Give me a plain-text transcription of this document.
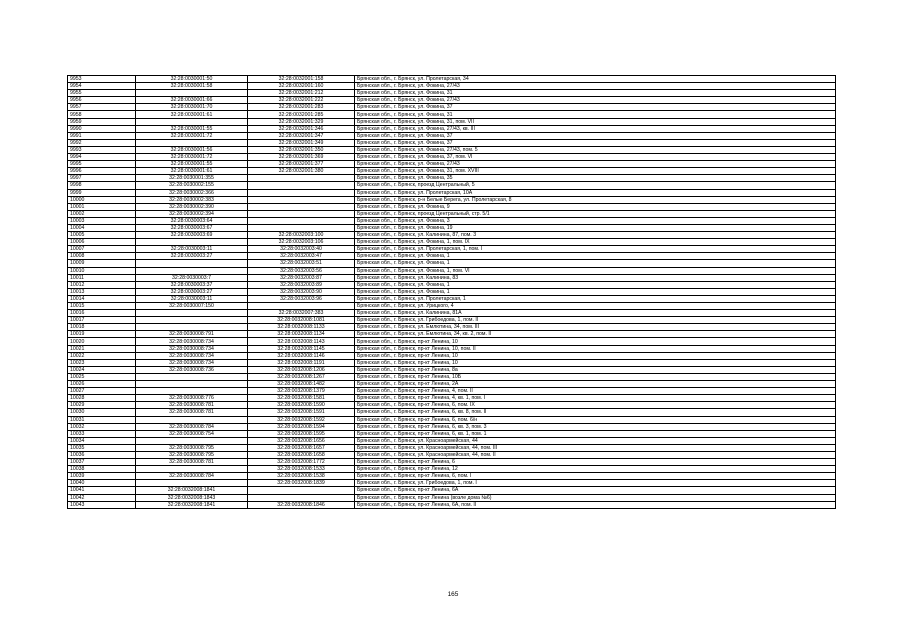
9953	32:28:0030001:50	32:28:0032001:158	Брянская обл., г. Брянск, ул. Пролетарская, 34
9954	32:28:0030001:58	32:28:0032001:160	Брянская обл., г. Брянск, ул. Фокина, 27/43
9955		32:28:0032001:212	Брянская обл., г. Брянск, ул. Фокина, 31
9956	32:28:0030001:66	32:28:0032001:222	Брянская обл., г. Брянск, ул. Фокина, 27/43
9957	32:28:0030001:70	32:28:0032001:283	Брянская обл., г. Брянск, ул. Фокина, 37
9958	32:28:0030001:61	32:28:0032001:285	Брянская обл., г. Брянск, ул. Фокина, 31
9959		32:28:0032001:329	Брянская обл., г. Брянск, ул. Фокина, 31, пом. VII
9990	32:28:0030001:55	32:28:0032001:346	Брянская обл., г. Брянск, ул. Фокина, 27/43, кв. III
9991	32:28:0030001:72	32:28:0032001:347	Брянская обл., г. Брянск, ул. Фокина, 37
9992		32:28:0032001:349	Брянская обл., г. Брянск, ул. Фокина, 37
9993	32:28:0030001:56	32:28:0032001:350	Брянская обл., г. Брянск, ул. Фокина, 27/43, пом. 5
9994	32:28:0030001:72	32:28:0032001:369	Брянская обл., г. Брянск, ул. Фокина, 37, пом. VI
9995	32:28:0030001:55	32:28:0032001:377	Брянская обл., г. Брянск, ул. Фокина, 27/43
9996	32:28:0030001:61	32:28:0032001:380	Брянская обл., г. Брянск, ул. Фокина, 31, пом. XVIII
9997	32:28:0030001:355		Брянская обл., г. Брянск, ул. Фокина, 35
9998	32:28:0030002:155		Брянская обл., г. Брянск, проезд Центральный, 5
9999	32:28:0030002:366		Брянская обл., г. Брянск, ул. Пролетарская, 10А
10000	32:28:0030002:383		Брянская обл., г. Брянск, р-н Белые Берега, ул. Пролетарская, 8
10001	32:28:0030002:390		Брянская обл., г. Брянск, ул. Фокина, 9
10002	32:28:0030002:394		Брянская обл., г. Брянск, проезд Центральный, стр. 5/1
10003	32:28:0030003:64		Брянская обл., г. Брянск, ул. Фокина, 3
10004	32:28:0030003:67		Брянская обл., г. Брянск, ул. Фокина, 19
10005	32:28:0030003:69	32:28:0032003:100	Брянская обл., г. Брянск, ул. Калинина, 87, пом. 3
10006		32:28:0032003:106	Брянская обл., г. Брянск, ул. Фокина, 1, пом. IX
10007	32:28:0030003:11	32:28:0032003:40	Брянская обл., г. Брянск, ул. Пролетарская, 1, пом. I
10008	32:28:0030003:27	32:28:0032003:47	Брянская обл., г. Брянск, ул. Фокина, 1
10009		32:28:0032003:51	Брянская обл., г. Брянск, ул. Фокина, 1
10010		32:28:0032003:56	Брянская обл., г. Брянск, ул. Фокина, 1, пом. VI
10011	32:28:0030003:7	32:28:0032003:87	Брянская обл., г. Брянск, ул. Калинина, 83
10012	32:28:0030003:37	32:28:0032003:89	Брянская обл., г. Брянск, ул. Фокина, 1
10013	32:28:0030003:27	32:28:0032003:90	Брянская обл., г. Брянск, ул. Фокина, 1
10014	32:28:0030003:11	32:28:0032003:96	Брянская обл., г. Брянск, ул. Пролетарская, 1
10015	32:28:0030007:150		Брянская обл., г. Брянск, ул. Урицкого, 4
10016		32:28:0032007:383	Брянская обл., г. Брянск, ул. Калинина, 81А
10017		32:28:0032008:1081	Брянская обл., г. Брянск, ул. Грибоедова, 1, пом. II
10018		32:28:0032008:1133	Брянская обл., г. Брянск, ул. Емлютина, 34, пом. III
10019	32:28:0030008:791	32:28:0032008:1134	Брянская обл., г. Брянск, ул. Емлютина, 34, кв. 2, пом. II
10020	32:28:0030008:734	32:28:0032008:1143	Брянская обл., г. Брянск, пр-кт Ленина, 10
10021	32:28:0030008:734	32:28:0032008:1145	Брянская обл., г. Брянск, пр-кт Ленина, 10, пом. II
10022	32:28:0030008:734	32:28:0032008:1146	Брянская обл., г. Брянск, пр-кт Ленина, 10
10023	32:28:0030008:734	32:28:0032008:1191	Брянская обл., г. Брянск, пр-кт Ленина, 10
10024	32:28:0030008:736	32:28:0032008:1206	Брянская обл., г. Брянск, пр-кт Ленина, 8а
10025		32:28:0032008:1267	Брянская обл., г. Брянск, пр-кт Ленина, 10Б
10026		32:28:0032008:1482	Брянская обл., г. Брянск, пр-кт Ленина, 2А
10027		32:28:0032008:1379	Брянская обл., г. Брянск, пр-кт Ленина, 4, пом. II
10028	32:28:0030008:776	32:28:0032008:1581	Брянская обл., г. Брянск, пр-кт Ленина, 4, кв. 1, пом. I
10029	32:28:0030008:781	32:28:0032008:1590	Брянская обл., г. Брянск, пр-кт Ленина, 6, пом. IX
10030	32:28:0030008:781	32:28:0032008:1591	Брянская обл., г. Брянск, пр-кт Ленина, 6, кв. 8, пом. II
10031		32:28:0032008:1592	Брянская обл., г. Брянск, пр-кт Ленина, 6, пом. 6/н
10032	32:28:0030008:784	32:28:0032008:1594	Брянская обл., г. Брянск, пр-кт Ленина, 6, кв. 3, пом. 3
10033	32:28:0030008:754	32:28:0032008:1595	Брянская обл., г. Брянск, пр-кт Ленина, 6, кв. 1, пом. 1
10034		32:28:0032008:1656	Брянская обл., г. Брянск, ул. Красноармейская, 44
10035	32:28:0030008:795	32:28:0032008:1657	Брянская обл., г. Брянск, ул. Красноармейская, 44, пом. III
10036	32:28:0030008:795	32:28:0032008:1658	Брянская обл., г. Брянск, ул. Красноармейская, 44, пом. II
10037	32:28:0030008:781	32:28:0032008:1772	Брянская обл., г. Брянск, пр-кт Ленина, 6
10038		32:28:0032008:1533	Брянская обл., г. Брянск, пр-кт Ленина, 12
10039	32:28:0030008:784	32:28:0032008:1538	Брянская обл., г. Брянск, пр-кт Ленина, 6, пом. I
10040		32:28:0032008:1839	Брянская обл., г. Брянск, ул. Грибоедова, 1, пом. I
10041	32:28:0032008:1841		Брянская обл., г. Брянск, пр-кт Ленина, 6А
10042	32:28:0032008:1843		Брянская обл., г. Брянск, пр-кт Ленина (возле дома №6)
10043	32:28:0032008:1841	32:28:0032008:1846	Брянская обл., г. Брянск, пр-кт Ленина, 6А, пом. II
165
